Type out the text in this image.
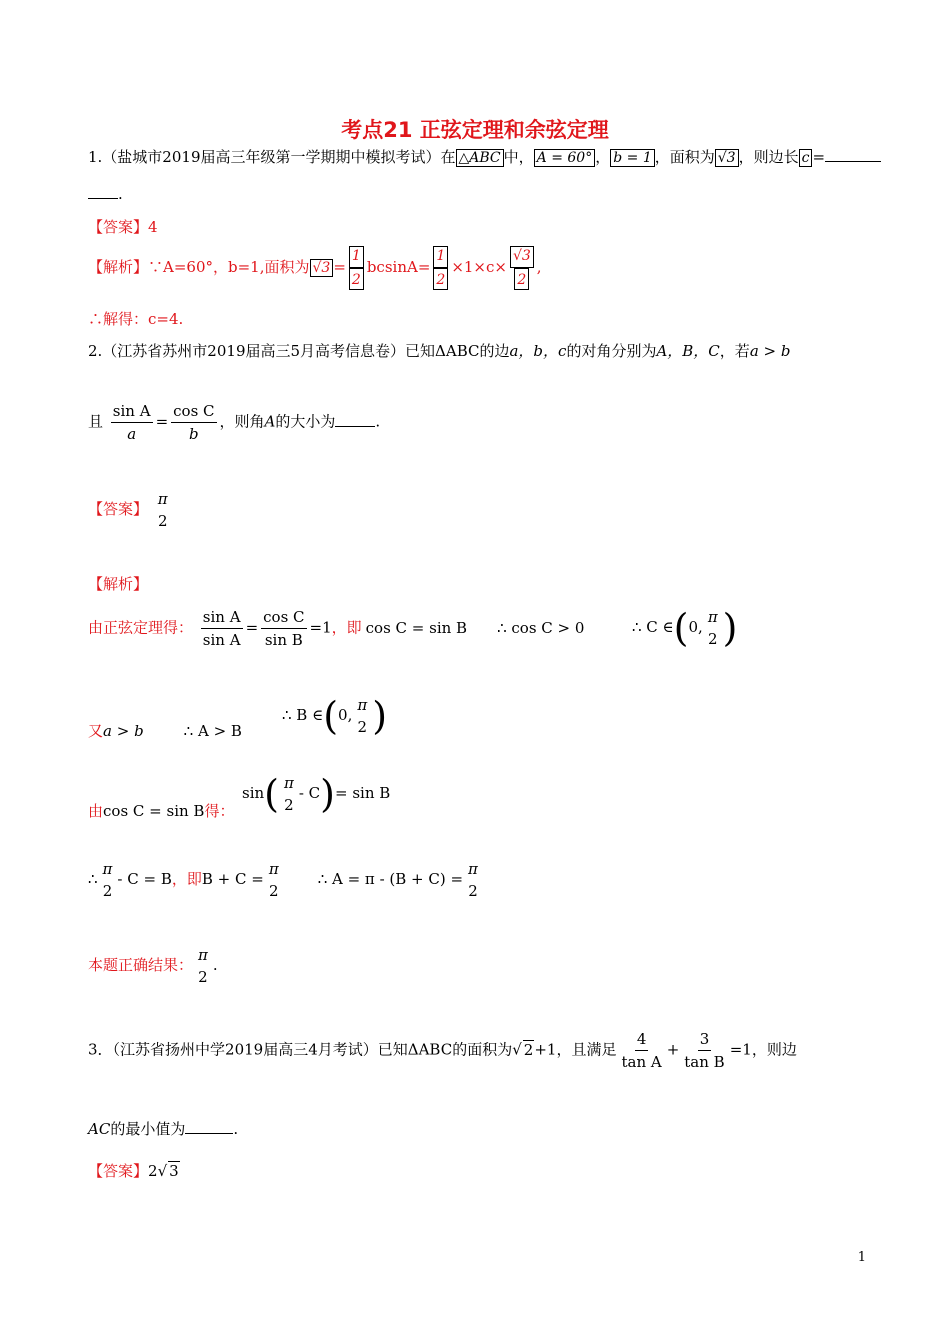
考点21 正弦定理和余弦定理
1.（盐城市2019届高三年级第一学期期中模拟考试）在 △ABC 中， A = 60° ， b = 1 ，面积为 √3 ，则边长 c =
.
【答案】4
【解析】∵A=60°，b=1,面积为 $√3 = \frac{1}{2} bcsinA= \frac{1}{2} \times 1\times c\times \frac{√3}{2}$ ,
∴解得：c=4.
2.（江苏省苏州市2019届高三5月高考信息卷）已知ΔABC的边a，b，c的对角分别为A，B，C，若a > b
且 $\frac{\text{sin A}}{a} = \frac{\text{cos C}}{b}$ ，则角A的大小为	.
【答案】
π
2
【解析】
由正弦定理得： $\frac{\text{sin A}}{\text{sin A}} = \frac{\text{cos C}}{\text{sin B}} =1$，即 cos C = sin B ∴ cos C > 0	∴ C ∈(0,
π
2 )
又a > b	∴ A > B
∴ B ∈(0,
π
2 )
由cos C = sin B得：
sin( π
2
- C)= sin B
∴
π
2
- C = B，即B + C =
π
2
∴ A = π - (B + C) =
π
2
本题正确结果：
π
2
.
3．（江苏省扬州中学2019届高三4月考试）已知ΔABC的面积为√ 2+1，且满足 $\frac{4}{\text{tan A}} + \frac{3}{\text{tan B}} =1$，则边
AC的最小值为	.
【答案】2√ 3
1
